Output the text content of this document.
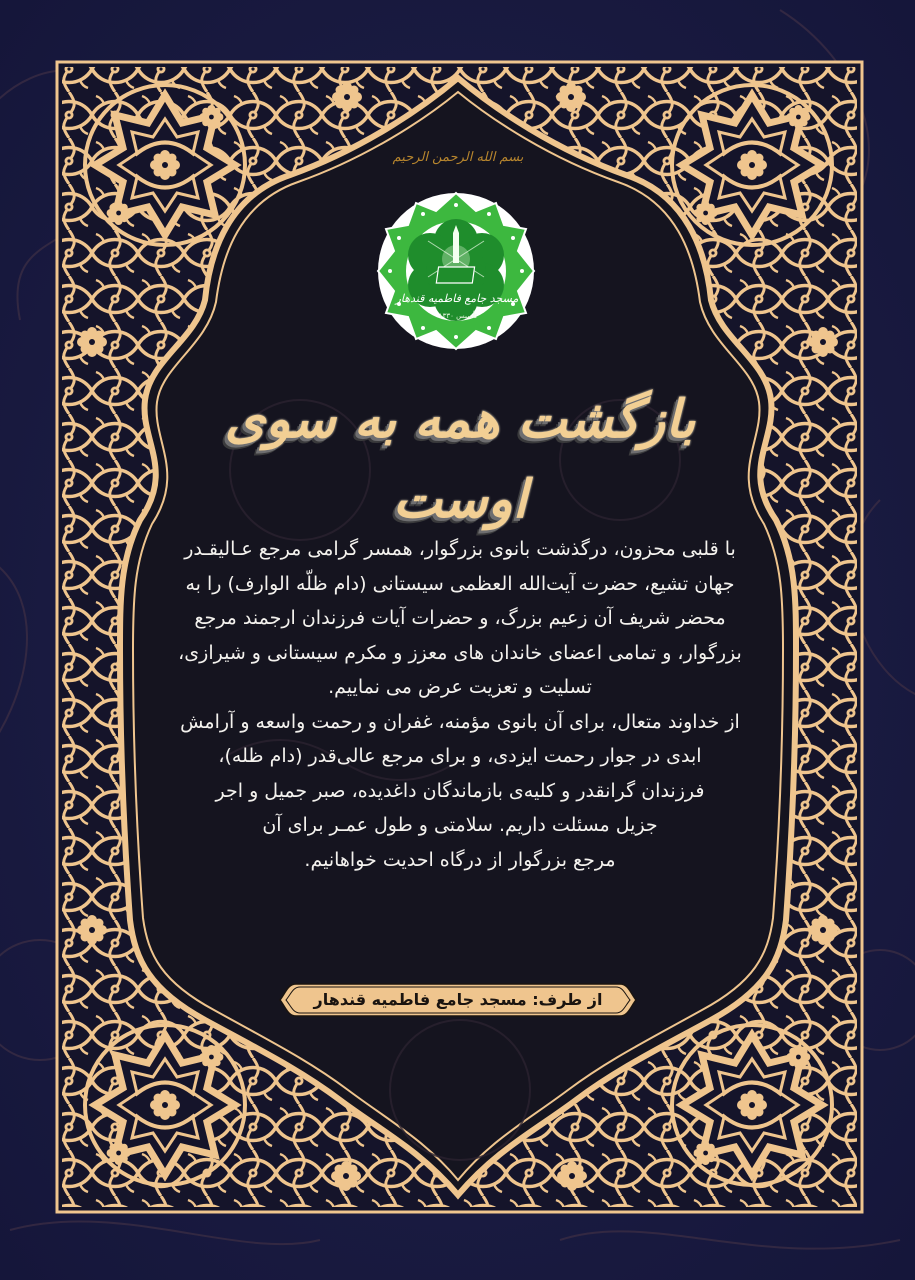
بسم الله الرحمن الرحیم
مسجد جامع فاطمیه قندهار
تأسیس ۱۳۳۰
بازگشت همه به سوی اوست
با قلبی محزون، درگذشت بانوی بزرگوار، همسر گرامی مرجع عـالیقـدر
جهان تشیع، حضرت آیت‌الله العظمی سیستانی (دام ظلّه الوارف) را به
محضر شریف آن زعیم بزرگ، و حضرات آیات فرزندان ارجمند مرجع
بزرگوار، و تمامی اعضای خاندان های معزز و مکرم سیستانی و شیرازی،
تسلیت و تعزیت عرض می نماییم.
از خداوند متعال، برای آن بانوی مؤمنه، غفران و رحمت واسعه و آرامش
ابدی در جوار رحمت ایزدی، و برای مرجع عالی‌قدر (دام ظله)،
فرزندان گرانقدر و کلیه‌ی بازماندگان داغدیده، صبر جمیل و اجر
جزیل مسئلت داریم. سلامتی و طول عمـر برای آن
مرجع بزرگوار از درگاه احدیت خواهانیم.
از طرف: مسجد جامع فاطمیه قندهار
